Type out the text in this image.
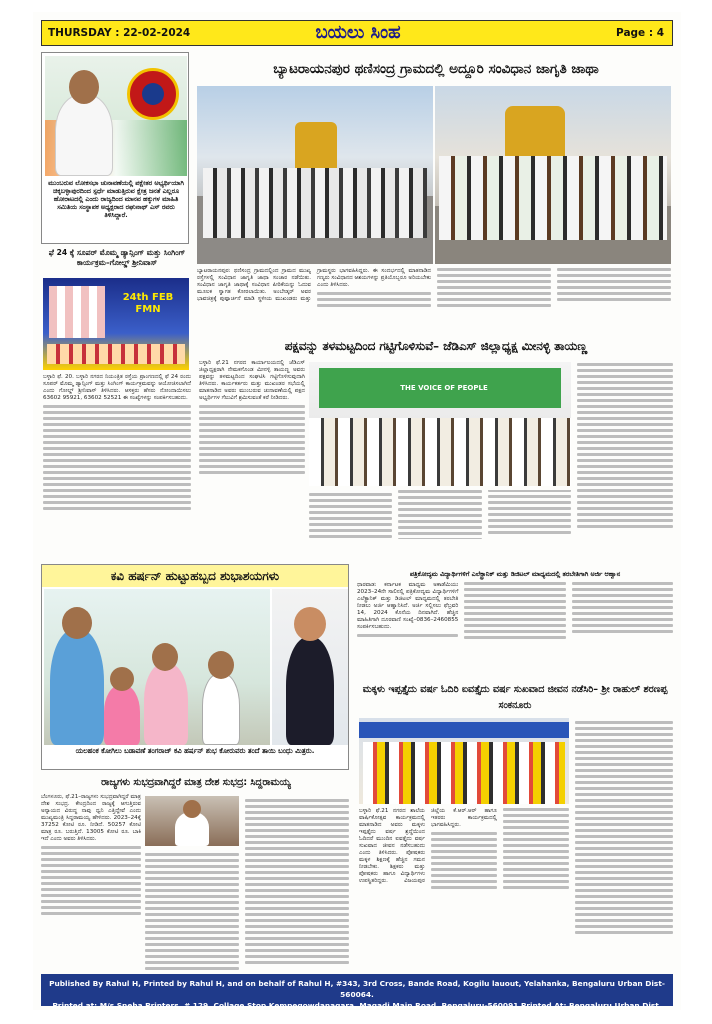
THURSDAY : 22-02-2024	ಬಯಲು ಸಿಂಹ	Page : 4
ಮುಂಬರುವ ಲೋಕಸಭಾ ಚುನಾವಣೆಯಲ್ಲಿ ಪಕ್ಷೇತರ ಅಭ್ಯರ್ಥಿಯಾಗಿ ಚಿಕ್ಕಬಳ್ಳಾಪುರದಿಂದ ಸ್ಪರ್ಧೆ ಮಾಡುತ್ತಿರುವ ಕ್ಷೇತ್ರ ಜನತೆ ಎಲ್ಲರೂ ಹೋರಾಟದಲ್ಲಿ ಎಂದು ರಾಜ್ಯದಿಂದ ಮಾನವ ಹಕ್ಕುಗಳ ಮಾಹಿತಿ ಸಮಿತಿಯ ಸಂಸ್ಥಾಪಕ ಅಧ್ಯಕ್ಷರಾದ ರಘುನಾಥ್ ಎಸ್ ರವರು ತಿಳಿಸಿದ್ದಾರೆ.
ಬ್ಯಾಟರಾಯನಪುರ ಥಣಿಸಂದ್ರ ಗ್ರಾಮದಲ್ಲಿ ಅದ್ದೂರಿ ಸಂವಿಧಾನ ಜಾಗೃತಿ ಜಾಥಾ
ಬ್ಯಾಟರಾಯನಪುರ: ಥಣಿಸಂದ್ರ ಗ್ರಾಮದಲ್ಲಿಂದ ಗ್ರಾಮದ ಮುಖ್ಯ ರಸ್ತೆಗಳಲ್ಲಿ ಸಂವಿಧಾನ ಜಾಗೃತಿ ಜಾಥಾ ಸಂಚಾರ ನಡೆಯಿತು. ಸಂವಿಧಾನ ಜಾಗೃತಿ ಜಾಥಾಕ್ಕೆ ಸಂವಿಧಾನ ಪೀಠಿಕೆಯನ್ನು ಓದುವ ಮೂಲಕ ಸ್ವಾಗತ ಕೋರಲಾಯಿತು. ಅಂಬೇಡ್ಕರ್ ಅವರ ಭಾವಚಿತ್ರಕ್ಕೆ ಪುಷ್ಪಾರ್ಚನೆ ಮಾಡಿ ಸ್ಥಳೀಯ ಮುಖಂಡರು ಮತ್ತು ಗ್ರಾಮಸ್ಥರು ಭಾಗವಹಿಸಿದ್ದರು. ಈ ಸಂದರ್ಭದಲ್ಲಿ ಮಾತನಾಡಿದ ಗಣ್ಯರು ಸಂವಿಧಾನದ ಆಶಯಗಳನ್ನು ಪ್ರತಿಯೊಬ್ಬರೂ ಅರಿಯಬೇಕು ಎಂದು ತಿಳಿಸಿದರು.
ಫೆ 24 ಕ್ಕೆ ಸೂಪರ್ ಮೊಮ್ಮ ಡ್ಯಾನ್ಸಿಂಗ್ ಮತ್ತು ಸಿಂಗಿಂಗ್ ಕಾರ್ಯಕ್ರಮ–ಗೋಲ್ಡ್ ಶ್ರೀನಿವಾಸ್
24th FEB FMN
ಬಳ್ಳಾರಿ ಫೆ. 20. ಬಳ್ಳಾರಿ ನಗರದ ನಿಯಂತ್ರಿತ ರಸ್ತೆಯ ಪ್ರಾಂಗಣದಲ್ಲಿ ಫೆ 24 ರಂದು ಸೂಪರ್ ಮೊಮ್ಮ ಡ್ಯಾನ್ಸಿಂಗ್ ಮತ್ತು ಸಿಂಗಿಂಗ್ ಕಾರ್ಯಕ್ರಮವನ್ನು ಆಯೋಜಿಸಲಾಗಿದೆ ಎಂದು ಗೋಲ್ಡ್ ಶ್ರೀನಿವಾಸ್ ತಿಳಿಸಿದರು. ಆಸಕ್ತರು ಹೆಸರು ನೋಂದಾಯಿಸಲು 63602 95921, 63602 52521 ಈ ಸಂಖ್ಯೆಗಳನ್ನು ಸಂಪರ್ಕಿಸಬಹುದು.
ಪಕ್ಷವನ್ನು ತಳಮಟ್ಟದಿಂದ ಗಟ್ಟಿಗೊಳಿಸುವೆ– ಜೆಡಿಎಸ್ ಜಿಲ್ಲಾಧ್ಯಕ್ಷ ಮೀನಳ್ಳಿ ತಾಯಣ್ಣ
ಬಳ್ಳಾರಿ ಫೆ.21 ನಗರದ ಕಾರ್ಯಾಲಯದಲ್ಲಿ ಜೆಡಿಎಸ್ ಜಿಲ್ಲಾಧ್ಯಕ್ಷರಾಗಿ ನೇಮಕಗೊಂಡ ಮೀನಳ್ಳಿ ತಾಯಣ್ಣ ಅವರು ಪಕ್ಷವನ್ನು ತಳಮಟ್ಟದಿಂದ ಸಂಘಟಿಸಿ ಗಟ್ಟಿಗೊಳಿಸುವುದಾಗಿ ತಿಳಿಸಿದರು. ಕಾರ್ಯಕರ್ತರು ಮತ್ತು ಮುಖಂಡರ ಸಭೆಯಲ್ಲಿ ಮಾತನಾಡಿದ ಅವರು ಮುಂಬರುವ ಚುನಾವಣೆಯಲ್ಲಿ ಪಕ್ಷದ ಅಭ್ಯರ್ಥಿಗಳ ಗೆಲುವಿಗೆ ಶ್ರಮಿಸುವಂತೆ ಕರೆ ನೀಡಿದರು.
THE VOICE OF PEOPLE
ಕವಿ ಹರ್ಷನ್ ಹುಟ್ಟುಹಬ್ಬದ ಶುಭಾಶಯಗಳು
ಯಲಹಂಕ ಕೋಗಿಲು ಬಡಾವಣೆ ತಂಗರಾಜ್ ಕವಿ ಹರ್ಷನ್ ಶುಭ ಕೋರುವರು ತಂದೆ ತಾಯಿ ಬಂಧು ಮಿತ್ರರು.
ಪತ್ರಿಕೋದ್ಯಮ ವಿದ್ಯಾರ್ಥಿಗಳಿಗೆ ಎಲೆಕ್ಟ್ರಾನಿಕ್ ಮತ್ತು ಡಿಜಿಟಲ್ ಮಾಧ್ಯಮದಲ್ಲಿ ತರಬೇತಿಗಾಗಿ ಅರ್ಜಿ ಆಹ್ವಾನ
ಧಾರವಾಡ: ಕರ್ನಾಟಕ ಮಾಧ್ಯಮ ಅಕಾಡೆಮಿಯು 2023–24ನೇ ಸಾಲಿನಲ್ಲಿ ಪತ್ರಿಕೋದ್ಯಮ ವಿದ್ಯಾರ್ಥಿಗಳಿಗೆ ಎಲೆಕ್ಟ್ರಾನಿಕ್ ಮತ್ತು ಡಿಜಿಟಲ್ ಮಾಧ್ಯಮದಲ್ಲಿ ತರಬೇತಿ ನೀಡಲು ಅರ್ಜಿ ಆಹ್ವಾನಿಸಿದೆ. ಅರ್ಜಿ ಸಲ್ಲಿಸಲು ಫೆಬ್ರವರಿ 14, 2024 ಕೊನೆಯ ದಿನವಾಗಿದೆ. ಹೆಚ್ಚಿನ ಮಾಹಿತಿಗಾಗಿ ದೂರವಾಣಿ ಸಂಖ್ಯೆ–0836–2460855 ಸಂಪರ್ಕಿಸಬಹುದು.
ಮಕ್ಕಳು ಇಪ್ಪತ್ತೈದು ವರ್ಷ ಓದಿರಿ ಐವತ್ತೈದು ವರ್ಷ ಸುಖವಾದ ಜೀವನ ನಡೆಸಿರಿ– ಶ್ರೀ ರಾಹುಲ್ ಶರಣಪ್ಪ ಸಂಕನೂರು
ಬಳ್ಳಾರಿ ಫೆ.21 ನಗರದ ಶಾಲೆಯ ವಾರ್ಷಿಕೋತ್ಸವ ಕಾರ್ಯಕ್ರಮದಲ್ಲಿ ಮಾತನಾಡಿದ ಅವರು ಮಕ್ಕಳು ಇಪ್ಪತ್ತೈದು ವರ್ಷ ಶ್ರದ್ಧೆಯಿಂದ ಓದಿದರೆ ಮುಂದಿನ ಐವತ್ತೈದು ವರ್ಷ ಸುಖವಾದ ಜೀವನ ನಡೆಸಬಹುದು ಎಂದು ತಿಳಿಸಿದರು. ಪೋಷಕರು ಮಕ್ಕಳ ಶಿಕ್ಷಣಕ್ಕೆ ಹೆಚ್ಚಿನ ಗಮನ ನೀಡಬೇಕು. ಶಿಕ್ಷಕರು ಮತ್ತು ಪೋಷಕರು ಹಾಗೂ ವಿದ್ಯಾರ್ಥಿಗಳು ಉಪಸ್ಥಿತರಿದ್ದರು. ವಿಜಯಪುರ ಜಿಲ್ಲೆಯ ಕೆ.ಆರ್.ಆರ್ ಹಾಗೂ ಇತರರು ಕಾರ್ಯಕ್ರಮದಲ್ಲಿ ಭಾಗವಹಿಸಿದ್ದರು.
ರಾಜ್ಯಗಳು ಸುಭದ್ರವಾಗಿದ್ದರೆ ಮಾತ್ರ ದೇಶ ಸುಭದ್ರ: ಸಿದ್ದರಾಮಯ್ಯ
ಬೆಂಗಳೂರು, ಫೆ.21–ರಾಜ್ಯಗಳು ಸುಭದ್ರವಾಗಿದ್ದರೆ ಮಾತ್ರ ದೇಶ ಸುಭದ್ರ. ಕೇಂದ್ರದಿಂದ ರಾಜ್ಯಕ್ಕೆ ಆಗುತ್ತಿರುವ ಅನ್ಯಾಯದ ವಿರುದ್ಧ ನಾವು ಧ್ವನಿ ಎತ್ತಿದ್ದೇವೆ ಎಂದು ಮುಖ್ಯಮಂತ್ರಿ ಸಿದ್ದರಾಮಯ್ಯ ಹೇಳಿದರು. 2023–24ಕ್ಕೆ 37252 ಕೋಟಿ ರೂ. ನೀಡಿದೆ. 50257 ಕೋಟಿ ಮಾತ್ರ ರೂ. ಬರುತ್ತಿದೆ. 13005 ಕೋಟಿ ರೂ. ಬಾಕಿ ಇದೆ ಎಂದು ಅವರು ತಿಳಿಸಿದರು.
Published By Rahul H, Printed by Rahul H, and on behalf of Rahul H, #343, 3rd Cross, Bande Road, Kogilu lauout, Yelahanka, Bengaluru Urban Dist-560064.
Printed at: M/s Sneha Printers, # 129, Collage Stop Kempegowdanagara, Magadi Main Road, Bengaluru-560091 Printed At: Bengaluru Urban Dist. Editor: Rahul H.
